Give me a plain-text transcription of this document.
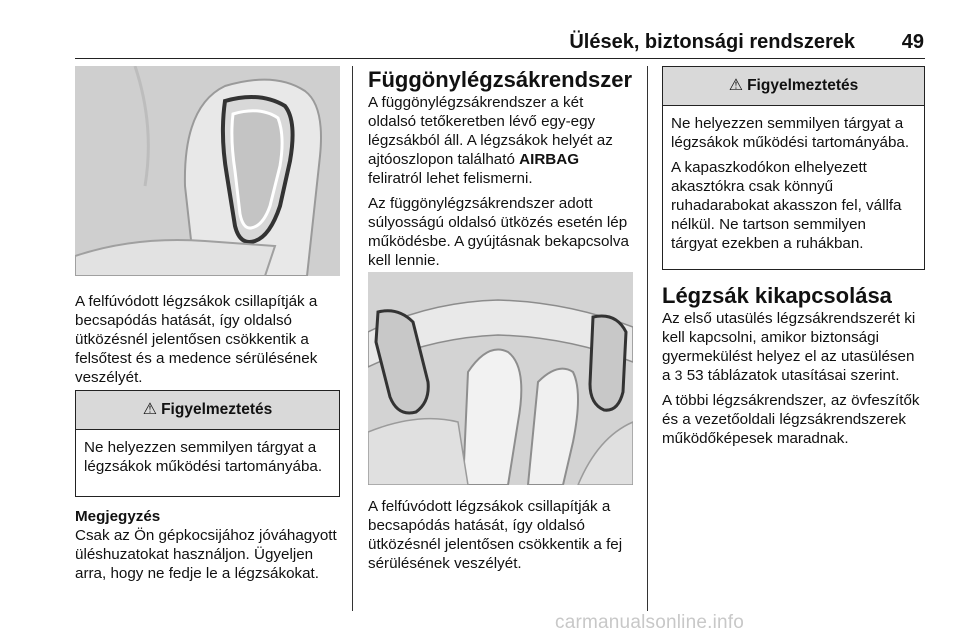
Ülések, biztonsági rendszerek	49
A felfúvódott légzsákok csillapítják a becsapódás hatását, így oldalsó ütközésnél jelentősen csökkentik a felsőtest és a medence sérülésének veszélyét.
⚠ Figyelmeztetés

Ne helyezzen semmilyen tárgyat a légzsákok működési tartományába.

Megjegyzés
Csak az Ön gépkocsijához jóváhagyott üléshuzatokat használjon. Ügyeljen arra, hogy ne fedje le a légzsákokat.
Függönylégzsákrendszer

A függönylégzsákrendszer a két oldalsó tetőkeretben lévő egy-egy légzsákból áll. A légzsákok helyét az ajtóoszlopon található AIRBAG feliratról lehet felismerni.

Az függönylégzsákrendszer adott súlyosságú oldalsó ütközés esetén lép működésbe. A gyújtásnak bekapcsolva kell lennie.

A felfúvódott légzsákok csillapítják a becsapódás hatását, így oldalsó ütközésnél jelentősen csökkentik a fej sérülésének veszélyét.
⚠ Figyelmeztetés

Ne helyezzen semmilyen tárgyat a légzsákok működési tartományába.

A kapaszkodókon elhelyezett akasztókra csak könnyű ruhadarabokat akasszon fel, vállfa nélkül. Ne tartson semmilyen tárgyat ezekben a ruhákban.

Légzsák kikapcsolása

Az első utasülés légzsákrendszerét ki kell kapcsolni, amikor biztonsági gyermekülést helyez el az utasülésen a 3 53 táblázatok utasításai szerint.

A többi légzsákrendszer, az övfeszítők és a vezetőoldali légzsákrendszerek működőképesek maradnak.

carmanualsonline.info
